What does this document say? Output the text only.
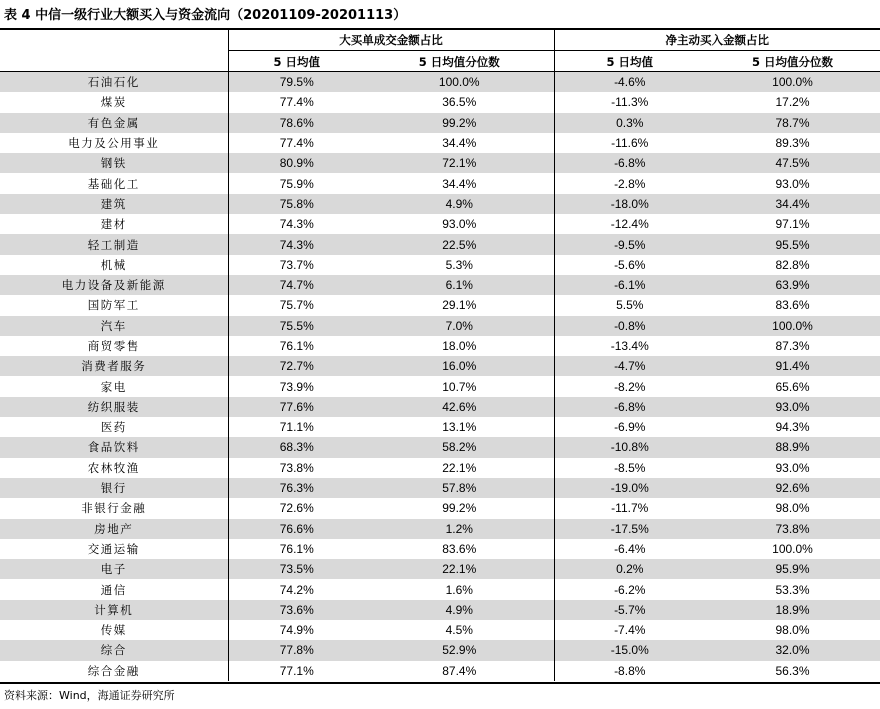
表 4 中信一级行业大额买入与资金流向（20201109-20201113）
	大买单成交金额占比		净主动买入金额占比	
	5 日均值	5 日均值分位数	5 日均值	5 日均值分位数
石油石化	79.5%	100.0%	-4.6%	100.0%
煤炭	77.4%	36.5%	-11.3%	17.2%
有色金属	78.6%	99.2%	0.3%	78.7%
电力及公用事业	77.4%	34.4%	-11.6%	89.3%
钢铁	80.9%	72.1%	-6.8%	47.5%
基础化工	75.9%	34.4%	-2.8%	93.0%
建筑	75.8%	4.9%	-18.0%	34.4%
建材	74.3%	93.0%	-12.4%	97.1%
轻工制造	74.3%	22.5%	-9.5%	95.5%
机械	73.7%	5.3%	-5.6%	82.8%
电力设备及新能源	74.7%	6.1%	-6.1%	63.9%
国防军工	75.7%	29.1%	5.5%	83.6%
汽车	75.5%	7.0%	-0.8%	100.0%
商贸零售	76.1%	18.0%	-13.4%	87.3%
消费者服务	72.7%	16.0%	-4.7%	91.4%
家电	73.9%	10.7%	-8.2%	65.6%
纺织服装	77.6%	42.6%	-6.8%	93.0%
医药	71.1%	13.1%	-6.9%	94.3%
食品饮料	68.3%	58.2%	-10.8%	88.9%
农林牧渔	73.8%	22.1%	-8.5%	93.0%
银行	76.3%	57.8%	-19.0%	92.6%
非银行金融	72.6%	99.2%	-11.7%	98.0%
房地产	76.6%	1.2%	-17.5%	73.8%
交通运输	76.1%	83.6%	-6.4%	100.0%
电子	73.5%	22.1%	0.2%	95.9%
通信	74.2%	1.6%	-6.2%	53.3%
计算机	73.6%	4.9%	-5.7%	18.9%
传媒	74.9%	4.5%	-7.4%	98.0%
综合	77.8%	52.9%	-15.0%	32.0%
综合金融	77.1%	87.4%	-8.8%	56.3%
资料来源：Wind，海通证券研究所
